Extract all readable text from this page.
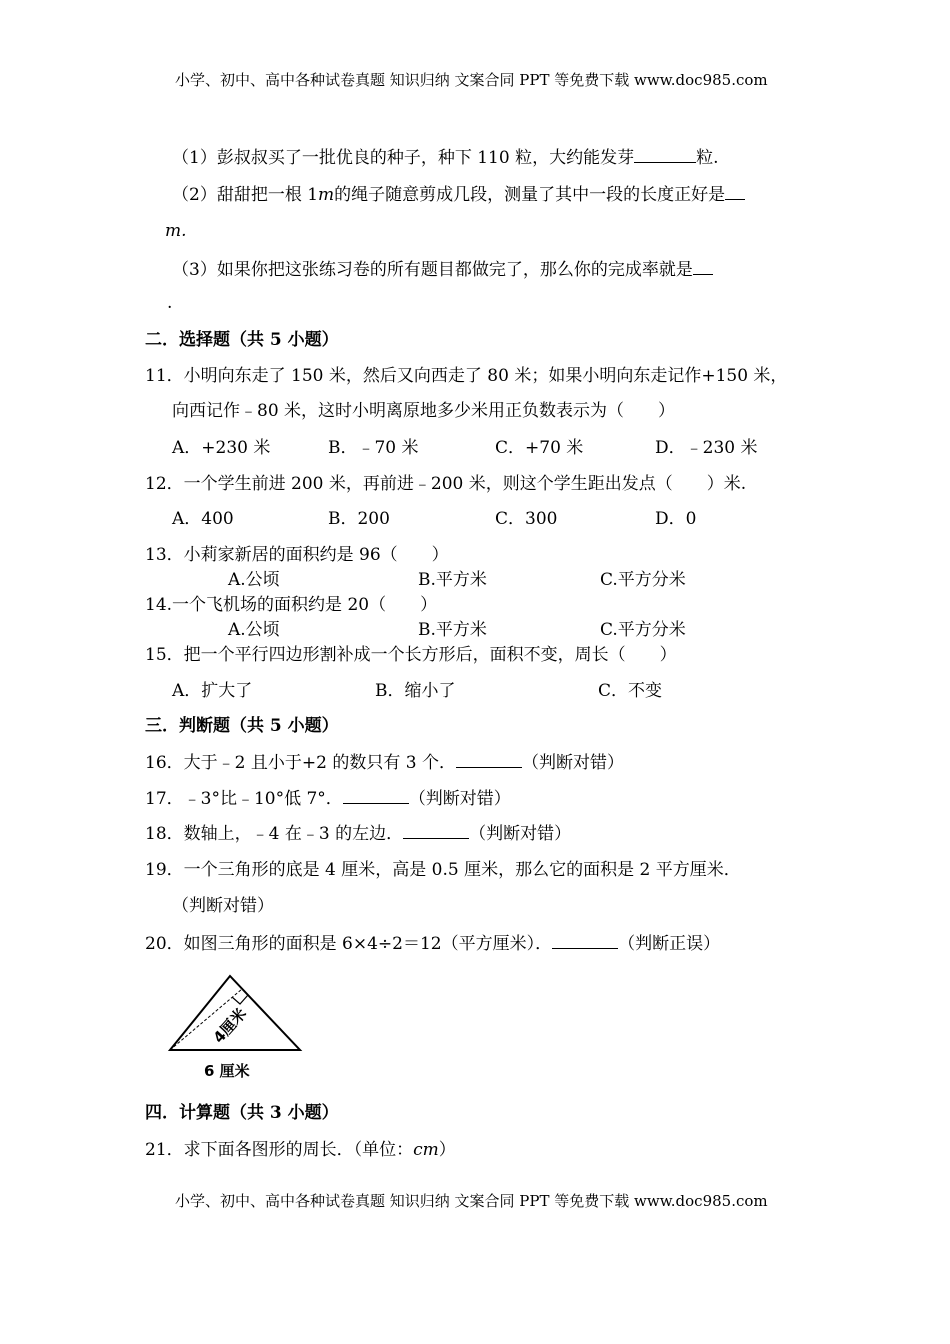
小学、初中、高中各种试卷真题 知识归纳 文案合同 PPT 等免费下载 www.doc985.com
（1）彭叔叔买了一批优良的种子，种下 110 粒，大约能发芽	粒.
（2）甜甜把一根 1m的绳子随意剪成几段，测量了其中一段的长度正好是
m.
（3）如果你把这张练习卷的所有题目都做完了，那么你的完成率就是
.
二．选择题（共 5 小题）
11．小明向东走了 150 米，然后又向西走了 80 米；如果小明向东走记作+150 米，
向西记作﹣80 米，这时小明离原地多少米用正负数表示为（　　）
A．+230 米	B．﹣70 米	C．+70 米	D．﹣230 米
12．一个学生前进 200 米，再前进﹣200 米，则这个学生距出发点（　　）米.
A．400	B．200	C．300	D．0
13．小莉家新居的面积约是 96（　　）
A.公顷	B.平方米	C.平方分米
14.一个飞机场的面积约是 20（　　）
A.公顷	B.平方米	C.平方分米
15．把一个平行四边形割补成一个长方形后，面积不变，周长（　　）
A．扩大了	B．缩小了	C．不变
三．判断题（共 5 小题）
16．大于﹣2 且小于+2 的数只有 3 个．	（判断对错）
17．﹣3°比﹣10°低 7°．	（判断对错）
18．数轴上，﹣4 在﹣3 的左边．	（判断对错）
19．一个三角形的底是 4 厘米，高是 0.5 厘米，那么它的面积是 2 平方厘米．
（判断对错）
20．如图三角形的面积是 6×4÷2＝12（平方厘米）．	（判断正误）
4厘米
6 厘米
四．计算题（共 3 小题）
21．求下面各图形的周长．（单位：cm）
小学、初中、高中各种试卷真题 知识归纳 文案合同 PPT 等免费下载 www.doc985.com
